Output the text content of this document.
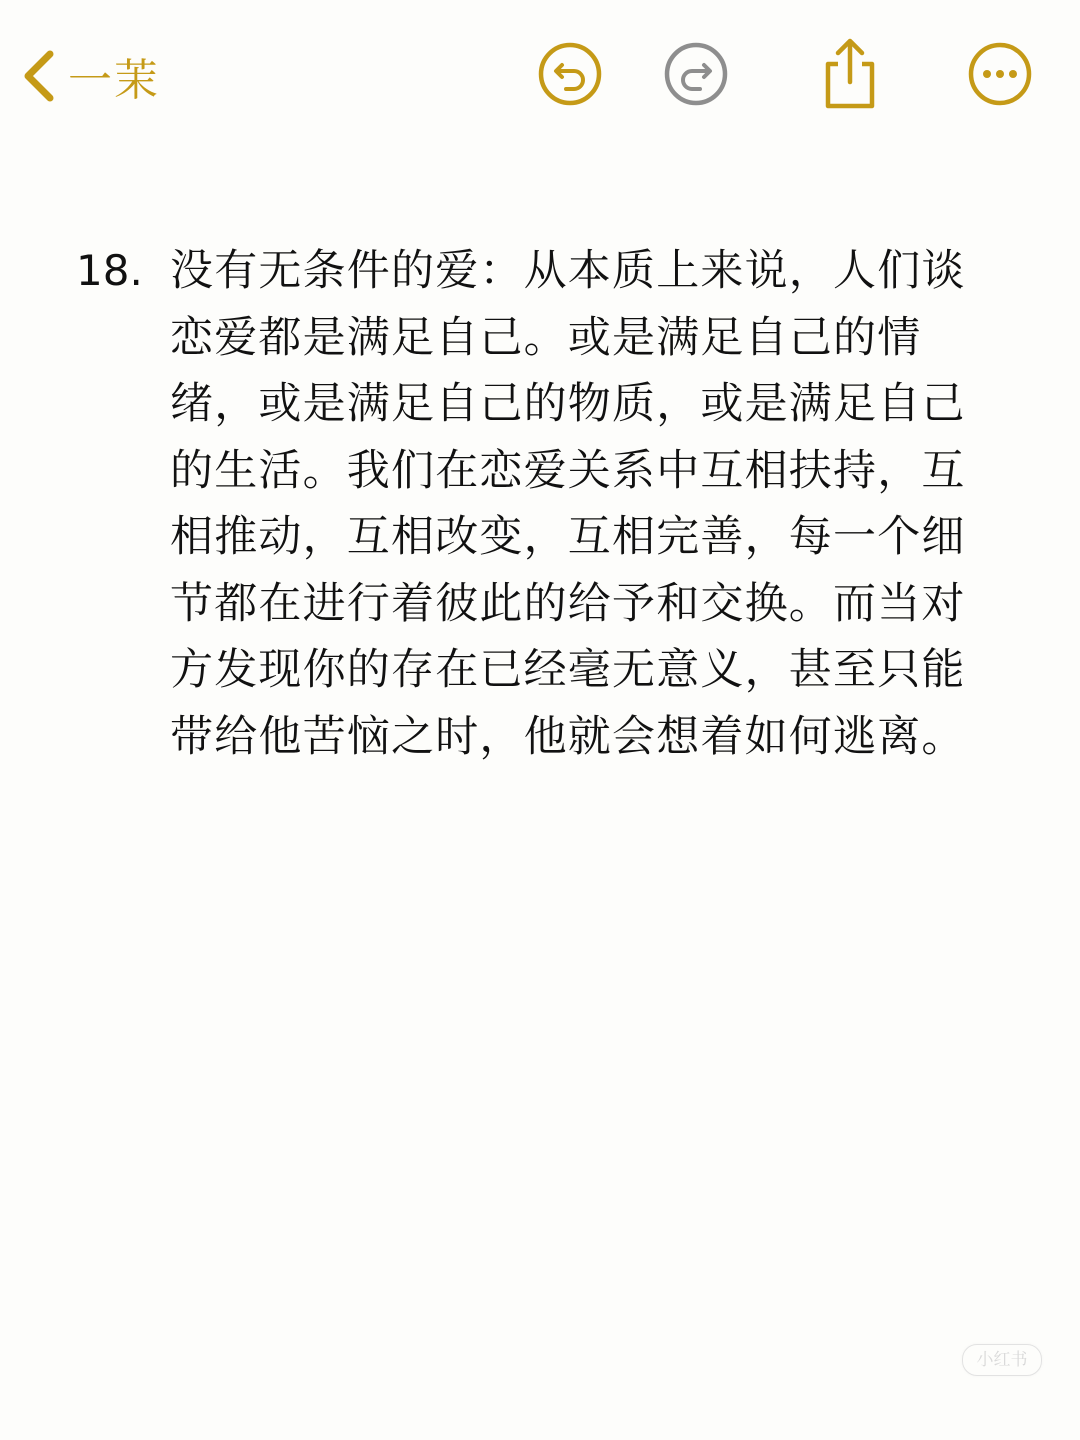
一茉
18. 没有无条件的爱：从本质上来说，人们谈恋爱都是满足自己。或是满足自己的情绪，或是满足自己的物质，或是满足自己的生活。我们在恋爱关系中互相扶持，互相推动，互相改变，互相完善，每一个细节都在进行着彼此的给予和交换。而当对方发现你的存在已经毫无意义，甚至只能带给他苦恼之时，他就会想着如何逃离。
小红书
